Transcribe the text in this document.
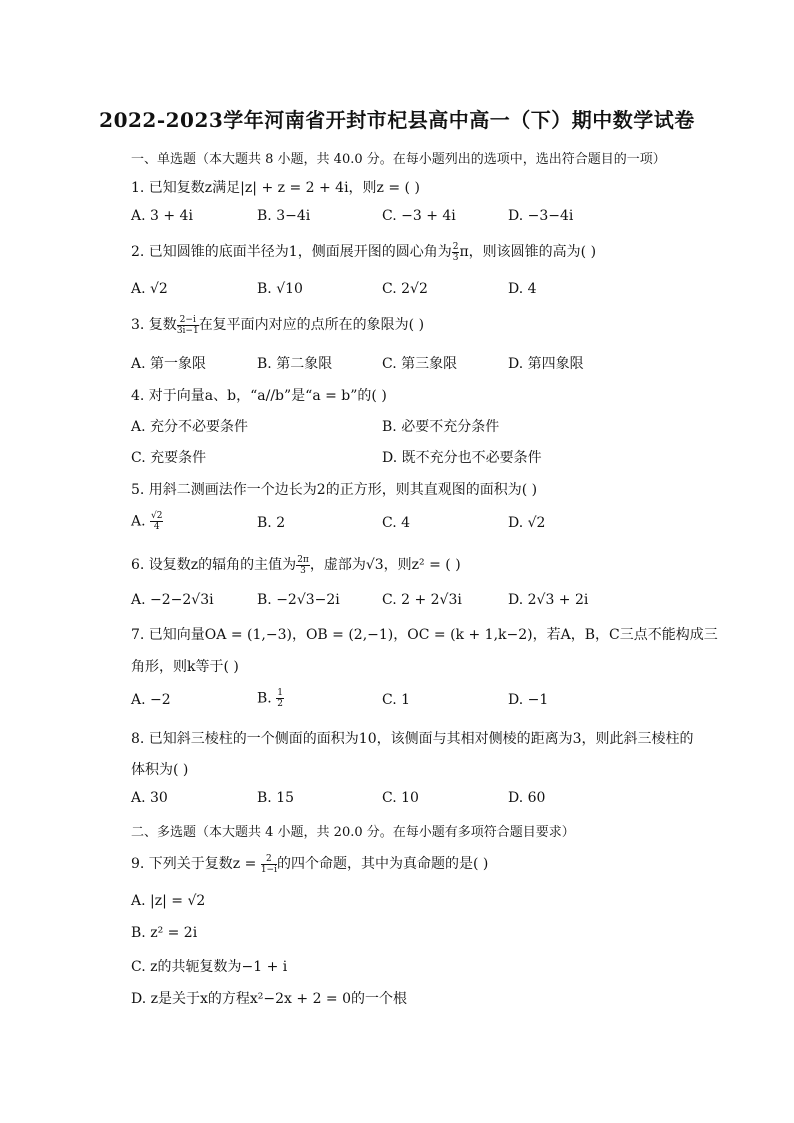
2022-2023学年河南省开封市杞县高中高一（下）期中数学试卷
一、单选题（本大题共 8 小题，共 40.0 分。在每小题列出的选项中，选出符合题目的一项）
1. 已知复数z满足|z| + z = 2 + 4i，则z = ( )
A. 3 + 4i	B. 3−4i	C. −3 + 4i	D. −3−4i
2. 已知圆锥的底面半径为1，侧面展开图的圆心角为 $\frac{2}{3}$ π，则该圆锥的高为( )
A. √2	B. √10	C. 2√2	D. 4
3. 复数 $\frac{2-i}{3i-1}$ 在复平面内对应的点所在的象限为( )
A. 第一象限	B. 第二象限	C. 第三象限	D. 第四象限
4. 对于向量a、b，“a//b”是“a = b”的( )
A. 充分不必要条件	B. 必要不充分条件
C. 充要条件	D. 既不充分也不必要条件
5. 用斜二测画法作一个边长为2的正方形，则其直观图的面积为( )
A. $\frac{√2}{4}$	B. 2	C. 4	D. √2
6. 设复数z的辐角的主值为 $\frac{2\pi}{3}$ ，虚部为√3，则z² = ( )
A. −2−2√3i	B. −2√3−2i	C. 2 + 2√3i	D. 2√3 + 2i
7. 已知向量OA = (1,−3)，OB = (2,−1)，OC = (k + 1,k−2)，若A，B，C三点不能构成三
角形，则k等于( )
A. −2	B. $\frac{1}{2}$	C. 1	D. −1
8. 已知斜三棱柱的一个侧面的面积为10，该侧面与其相对侧棱的距离为3，则此斜三棱柱的
体积为( )
A. 30	B. 15	C. 10	D. 60
二、多选题（本大题共 4 小题，共 20.0 分。在每小题有多项符合题目要求）
9. 下列关于复数$z = \frac{2}{1-i}$ 的四个命题，其中为真命题的是( )
A. |z| = √2
B. z² = 2i
C. z的共轭复数为−1 + i
D. z是关于x的方程x²−2x + 2 = 0的一个根
